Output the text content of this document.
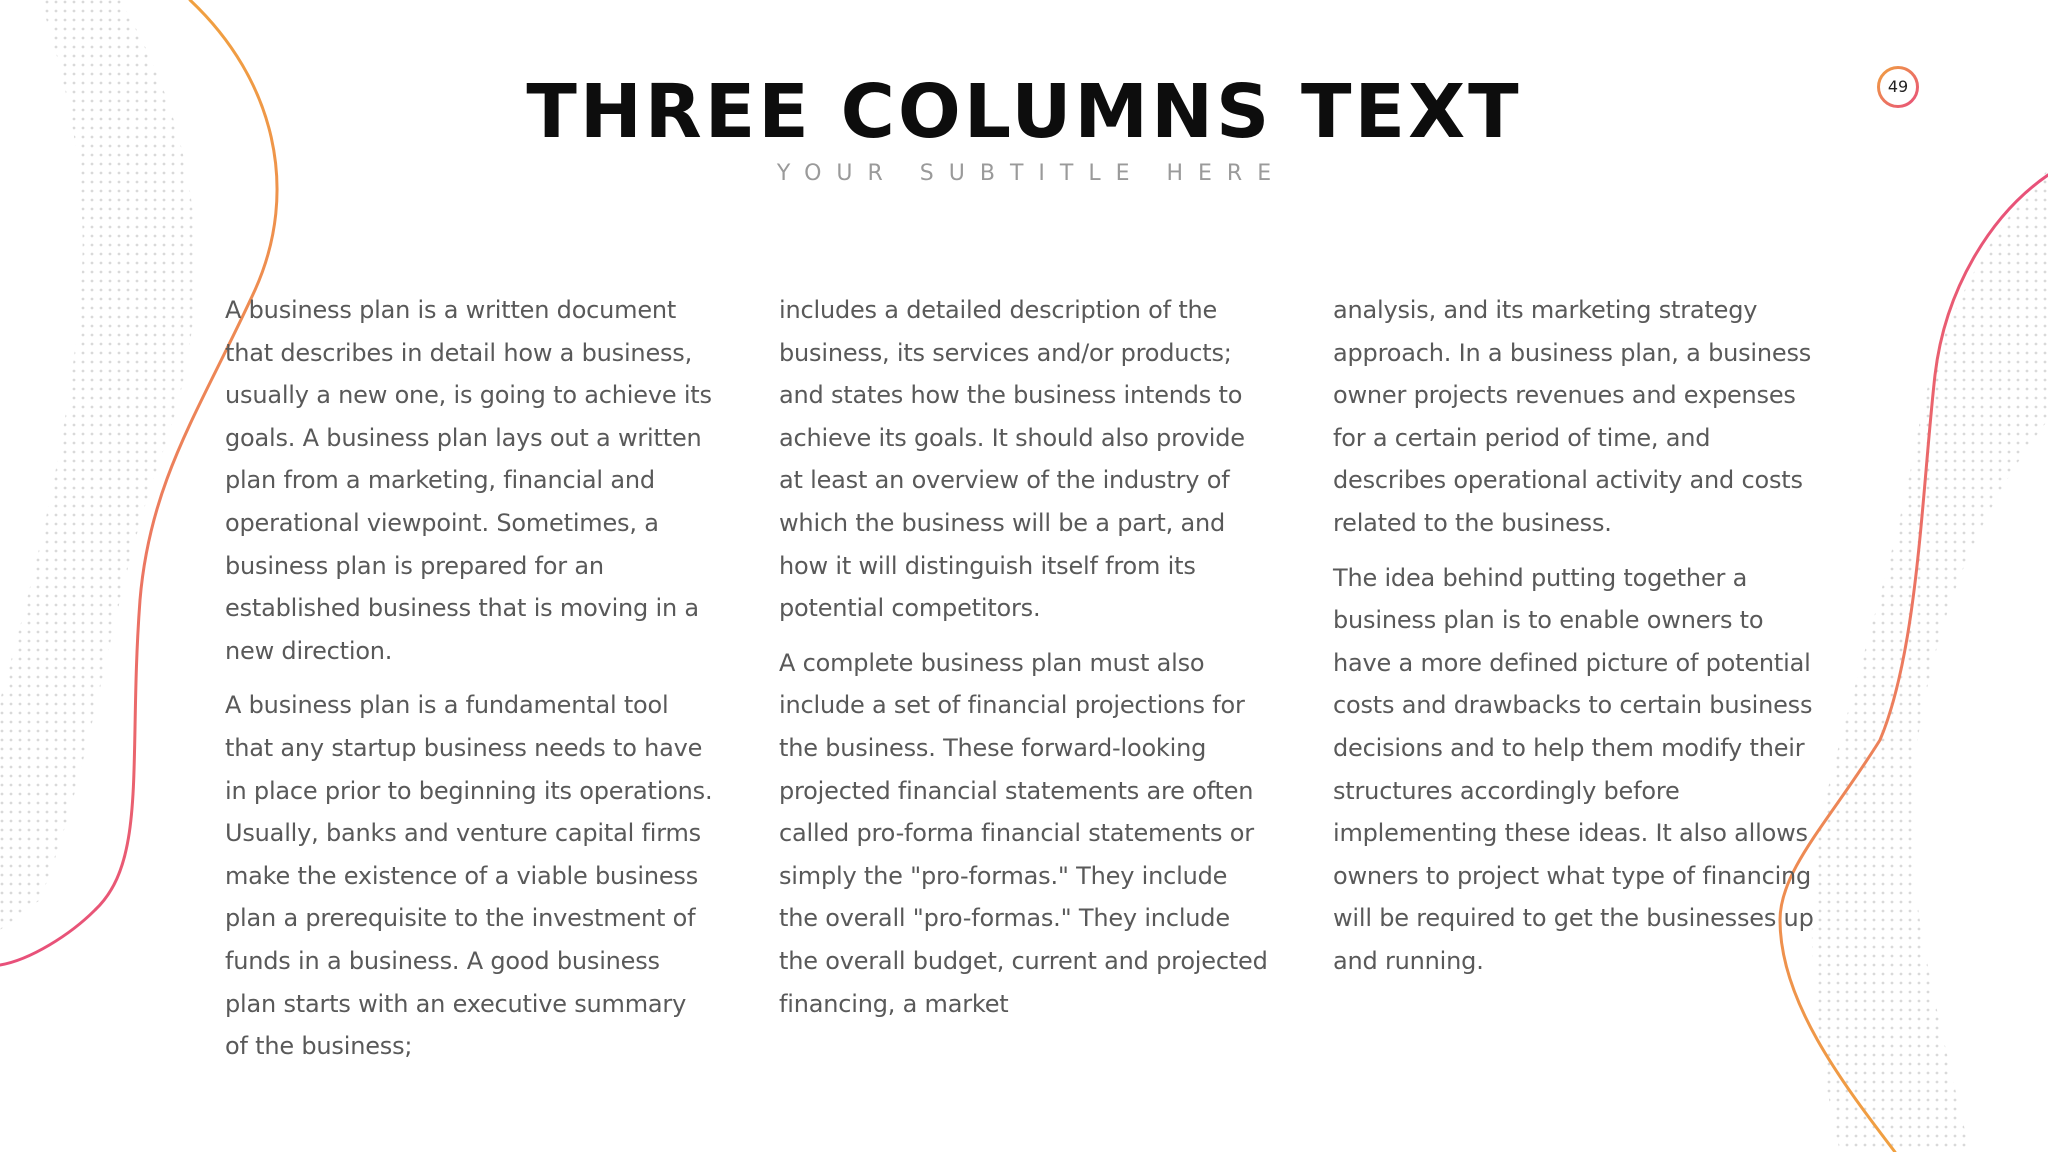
THREE COLUMNS TEXT
YOUR SUBTITLE HERE
49

A business plan is a written document that describes in detail how a business, usually a new one, is going to achieve its goals. A business plan lays out a written plan from a marketing, financial and operational viewpoint. Sometimes, a business plan is prepared for an established business that is moving in a new direction.

A business plan is a fundamental tool that any startup business needs to have in place prior to beginning its operations. Usually, banks and venture capital firms make the existence of a viable business plan a prerequisite to the investment of funds in a business. A good business plan starts with an executive summary of the business;

includes a detailed description of the business, its services and/or products; and states how the business intends to achieve its goals. It should also provide at least an overview of the industry of which the business will be a part, and how it will distinguish itself from its potential competitors.

A complete business plan must also include a set of financial projections for the business. These forward-looking projected financial statements are often called pro-forma financial statements or simply the "pro-formas." They include the overall "pro-formas." They include the overall budget, current and projected financing, a market

analysis, and its marketing strategy approach. In a business plan, a business owner projects revenues and expenses for a certain period of time, and describes operational activity and costs related to the business.

The idea behind putting together a business plan is to enable owners to have a more defined picture of potential costs and drawbacks to certain business decisions and to help them modify their structures accordingly before implementing these ideas. It also allows owners to project what type of financing will be required to get the businesses up and running.
